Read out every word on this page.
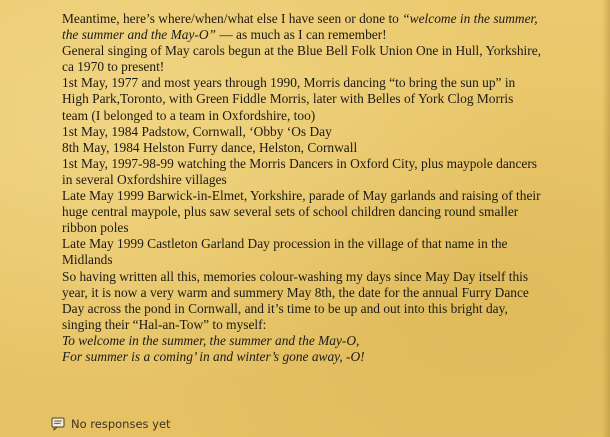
Meantime, here’s where/when/what else I have seen or done to “welcome in the summer, the summer and the May-O” — as much as I can remember!

General singing of May carols begun at the Blue Bell Folk Union One in Hull, Yorkshire, ca 1970 to present!

1st May, 1977 and most years through 1990, Morris dancing “to bring the sun up” in High Park,Toronto, with Green Fiddle Morris, later with Belles of York Clog Morris team (I belonged to a team in Oxfordshire, too)

1st May, 1984 Padstow, Cornwall, ‘Obby ‘Os Day

8th May, 1984 Helston Furry dance, Helston, Cornwall

1st May, 1997-98-99 watching the Morris Dancers in Oxford City, plus maypole dancers in several Oxfordshire villages

Late May 1999 Barwick-in-Elmet, Yorkshire, parade of May garlands and raising of their huge central maypole, plus saw several sets of school children dancing round smaller ribbon poles

Late May 1999 Castleton Garland Day procession in the village of that name in the Midlands

So having written all this, memories colour-washing my days since May Day itself this year, it is now a very warm and summery May 8th, the date for the annual Furry Dance Day across the pond in Cornwall, and it’s time to be up and out into this bright day, singing their “Hal-an-Tow” to myself:

To welcome in the summer, the summer and the May-O,

For summer is a coming’ in and winter’s gone away, -O!

No responses yet
